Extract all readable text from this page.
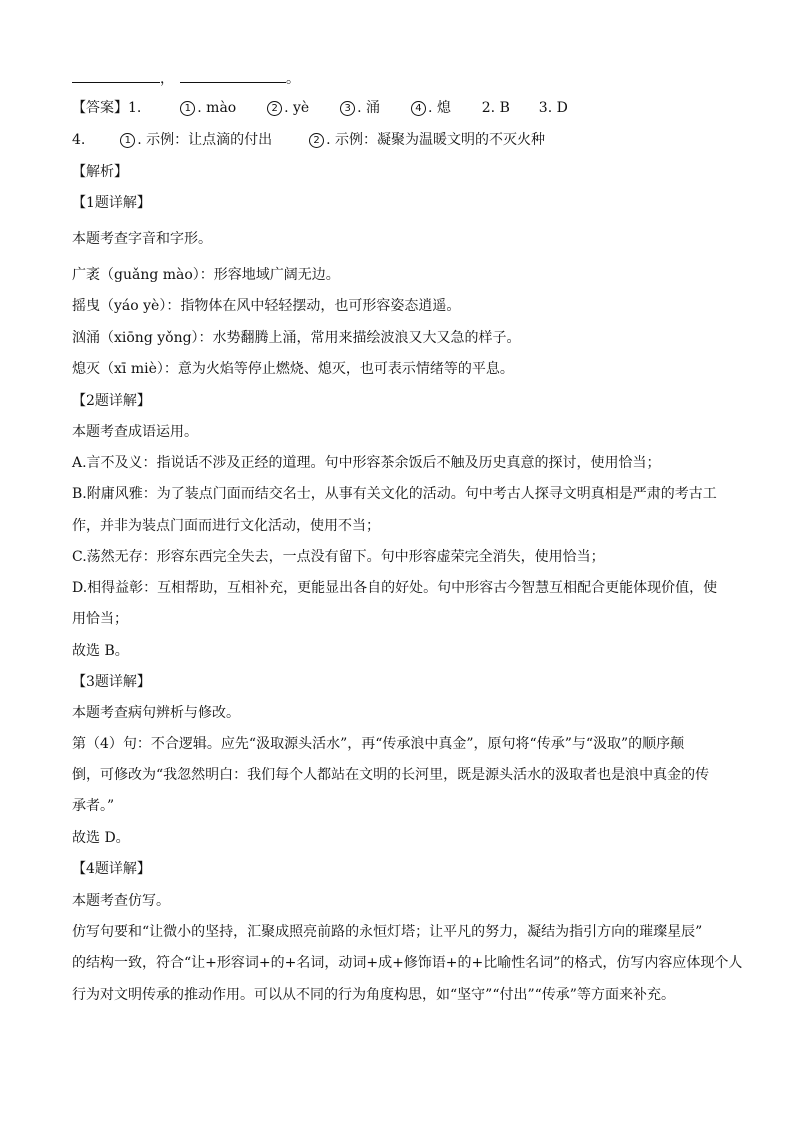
，	。
【答案】1.	1 . mào	2 . yè	3 . 涌	4 . 熄 2. B 3. D
4.	1 . 示例：让点滴的付出	2 . 示例：凝聚为温暖文明的不灭火种
【解析】
【1题详解】
本题考查字音和字形。
广袤（guǎng mào）：形容地域广阔无边。
摇曳（yáo yè）：指物体在风中轻轻摆动，也可形容姿态逍遥。
汹涌（xiōng yǒng）：水势翻腾上涌，常用来描绘波浪又大又急的样子。
熄灭（xī miè）：意为火焰等停止燃烧、熄灭，也可表示情绪等的平息。
【2题详解】
本题考查成语运用。
A.言不及义：指说话不涉及正经的道理。句中形容茶余饭后不触及历史真意的探讨，使用恰当；
B.附庸风雅：为了装点门面而结交名士，从事有关文化的活动。句中考古人探寻文明真相是严肃的考古工
作，并非为装点门面而进行文化活动，使用不当；
C.荡然无存：形容东西完全失去，一点没有留下。句中形容虚荣完全消失，使用恰当；
D.相得益彰：互相帮助，互相补充，更能显出各自的好处。句中形容古今智慧互相配合更能体现价值，使
用恰当；
故选 B。
【3题详解】
本题考查病句辨析与修改。
第（4）句：不合逻辑。应先“汲取源头活水”，再“传承浪中真金”，原句将“传承”与“汲取”的顺序颠
倒，可修改为“我忽然明白：我们每个人都站在文明的长河里，既是源头活水的汲取者也是浪中真金的传
承者。”
故选 D。
【4题详解】
本题考查仿写。
仿写句要和“让微小的坚持，汇聚成照亮前路的永恒灯塔；让平凡的努力，凝结为指引方向的璀璨星辰”
的结构一致，符合“让+形容词+的+名词，动词+成+修饰语+的+比喻性名词”的格式，仿写内容应体现个人
行为对文明传承的推动作用。可以从不同的行为角度构思，如“坚守”“付出”“传承”等方面来补充。
